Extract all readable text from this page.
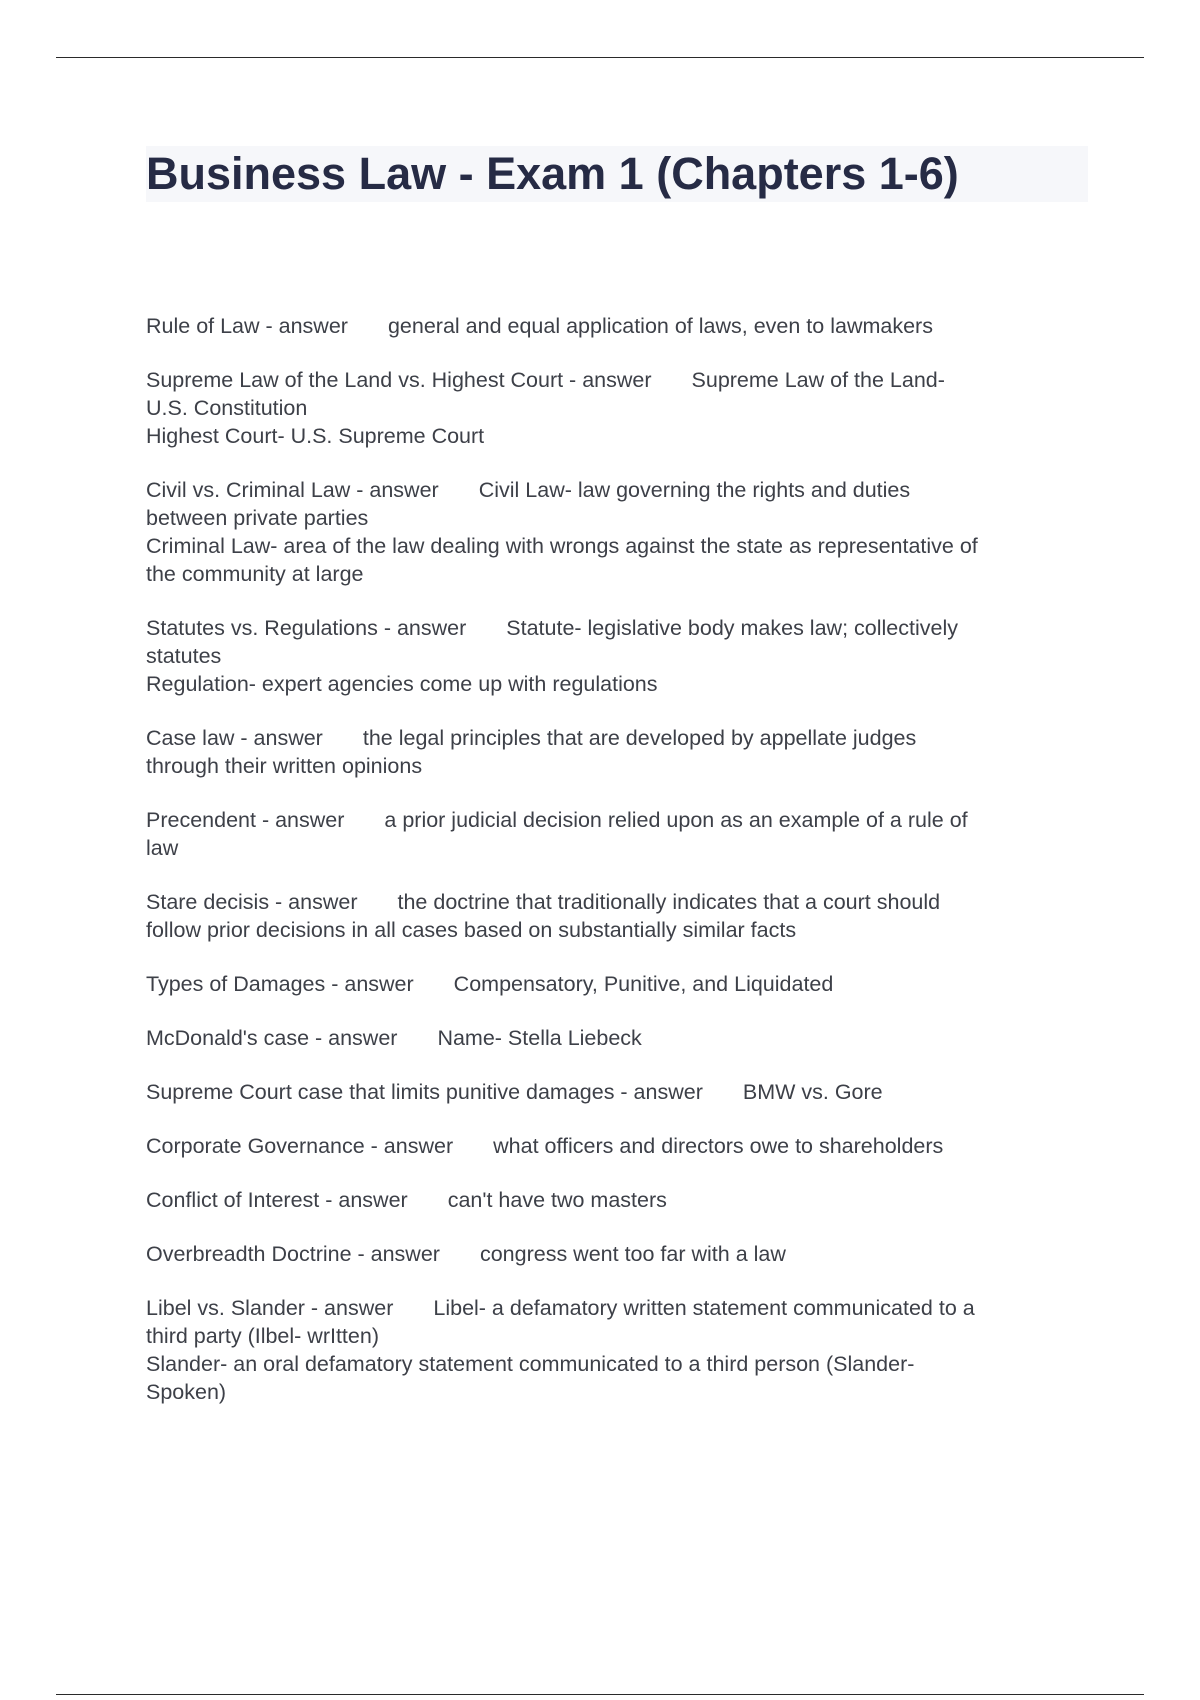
Business Law - Exam 1 (Chapters 1-6)
Rule of Law - answer general and equal application of laws, even to lawmakers
Supreme Law of the Land vs. Highest Court - answer Supreme Law of the Land-
U.S. Constitution
Highest Court- U.S. Supreme Court
Civil vs. Criminal Law - answer Civil Law- law governing the rights and duties
between private parties
Criminal Law- area of the law dealing with wrongs against the state as representative of
the community at large
Statutes vs. Regulations - answer Statute- legislative body makes law; collectively
statutes
Regulation- expert agencies come up with regulations
Case law - answer the legal principles that are developed by appellate judges
through their written opinions
Precendent - answer a prior judicial decision relied upon as an example of a rule of
law
Stare decisis - answer the doctrine that traditionally indicates that a court should
follow prior decisions in all cases based on substantially similar facts
Types of Damages - answer Compensatory, Punitive, and Liquidated
McDonald's case - answer Name- Stella Liebeck
Supreme Court case that limits punitive damages - answer BMW vs. Gore
Corporate Governance - answer what officers and directors owe to shareholders
Conflict of Interest - answer can't have two masters
Overbreadth Doctrine - answer congress went too far with a law
Libel vs. Slander - answer Libel- a defamatory written statement communicated to a
third party (Ilbel- wrItten)
Slander- an oral defamatory statement communicated to a third person (Slander-
Spoken)
